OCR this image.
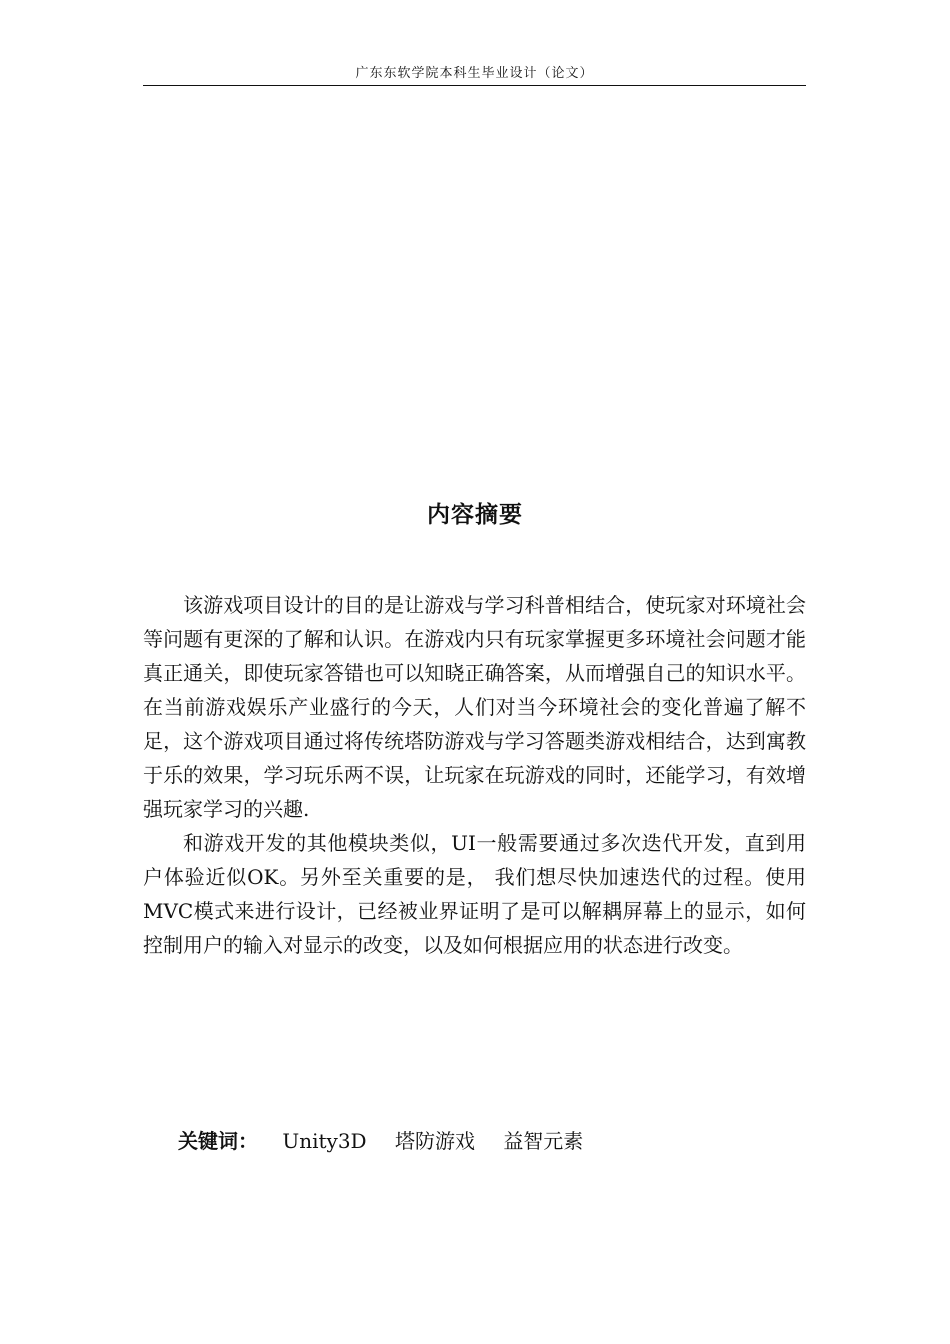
广东东软学院本科生毕业设计（论文）
内容摘要

该游戏项目设计的目的是让游戏与学习科普相结合，使玩家对环境社会等问题有更深的了解和认识。在游戏内只有玩家掌握更多环境社会问题才能真正通关，即使玩家答错也可以知晓正确答案，从而增强自己的知识水平。在当前游戏娱乐产业盛行的今天，人们对当今环境社会的变化普遍了解不足，这个游戏项目通过将传统塔防游戏与学习答题类游戏相结合，达到寓教于乐的效果，学习玩乐两不误，让玩家在玩游戏的同时，还能学习，有效增强玩家学习的兴趣.

和游戏开发的其他模块类似，UI一般需要通过多次迭代开发，直到用户体验近似OK。另外至关重要的是， 我们想尽快加速迭代的过程。使用MVC模式来进行设计，已经被业界证明了是可以解耦屏幕上的显示，如何控制用户的输入对显示的改变，以及如何根据应用的状态进行改变。

关键词： Unity3D 塔防游戏 益智元素
